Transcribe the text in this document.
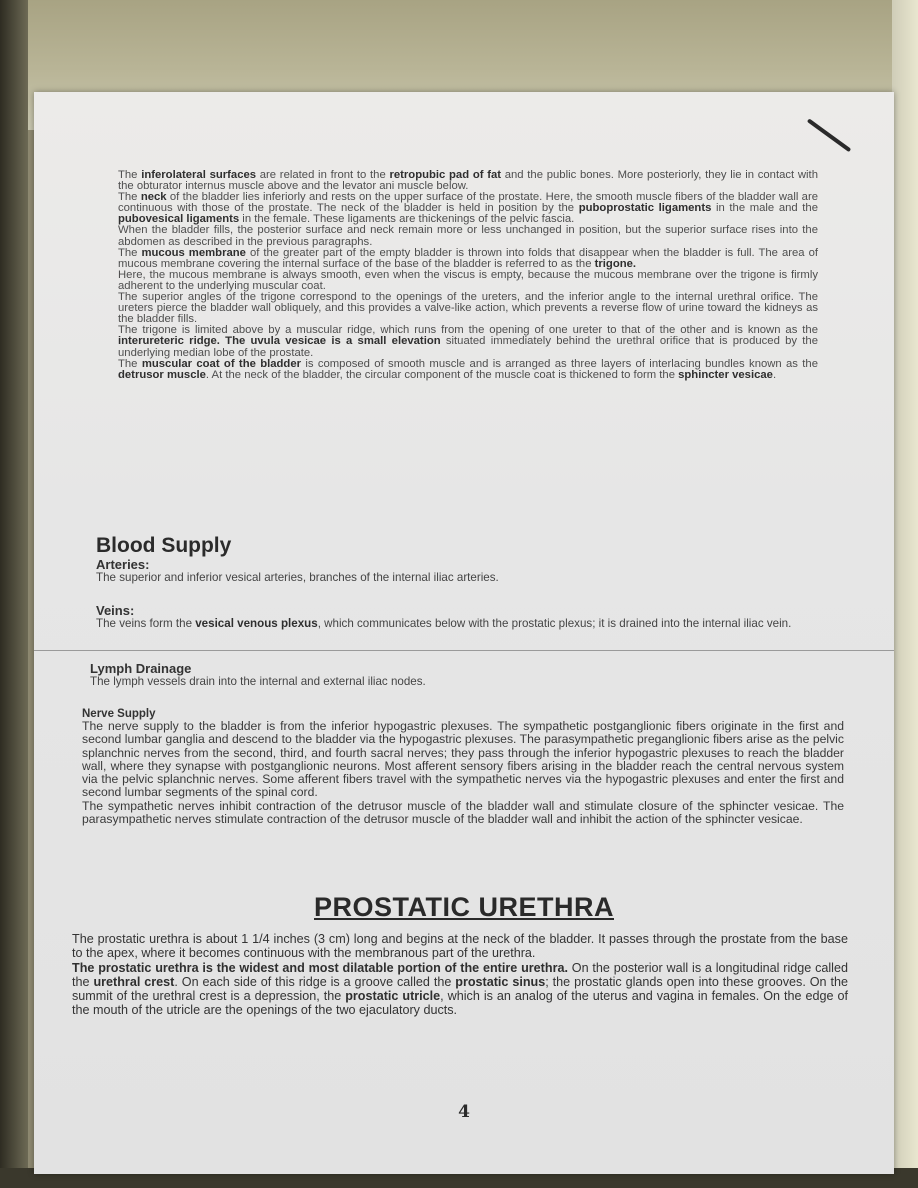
The inferolateral surfaces are related in front to the retropubic pad of fat and the public bones. More posteriorly, they lie in contact with the obturator internus muscle above and the levator ani muscle below.

The neck of the bladder lies inferiorly and rests on the upper surface of the prostate. Here, the smooth muscle fibers of the bladder wall are continuous with those of the prostate. The neck of the bladder is held in position by the puboprostatic ligaments in the male and the pubovesical ligaments in the female. These ligaments are thickenings of the pelvic fascia.

When the bladder fills, the posterior surface and neck remain more or less unchanged in position, but the superior surface rises into the abdomen as described in the previous paragraphs.

The mucous membrane of the greater part of the empty bladder is thrown into folds that disappear when the bladder is full. The area of mucous membrane covering the internal surface of the base of the bladder is referred to as the trigone.

Here, the mucous membrane is always smooth, even when the viscus is empty, because the mucous membrane over the trigone is firmly adherent to the underlying muscular coat.

The superior angles of the trigone correspond to the openings of the ureters, and the inferior angle to the internal urethral orifice. The ureters pierce the bladder wall obliquely, and this provides a valve-like action, which prevents a reverse flow of urine toward the kidneys as the bladder fills.

The trigone is limited above by a muscular ridge, which runs from the opening of one ureter to that of the other and is known as the interureteric ridge. The uvula vesicae is a small elevation situated immediately behind the urethral orifice that is produced by the underlying median lobe of the prostate.

The muscular coat of the bladder is composed of smooth muscle and is arranged as three layers of interlacing bundles known as the detrusor muscle. At the neck of the bladder, the circular component of the muscle coat is thickened to form the sphincter vesicae.

Blood Supply
Arteries:

The superior and inferior vesical arteries, branches of the internal iliac arteries.

Veins:

The veins form the vesical venous plexus, which communicates below with the prostatic plexus; it is drained into the internal iliac vein.

Lymph Drainage

The lymph vessels drain into the internal and external iliac nodes.

Nerve Supply

The nerve supply to the bladder is from the inferior hypogastric plexuses. The sympathetic postganglionic fibers originate in the first and second lumbar ganglia and descend to the bladder via the hypogastric plexuses. The parasympathetic preganglionic fibers arise as the pelvic splanchnic nerves from the second, third, and fourth sacral nerves; they pass through the inferior hypogastric plexuses to reach the bladder wall, where they synapse with postganglionic neurons. Most afferent sensory fibers arising in the bladder reach the central nervous system via the pelvic splanchnic nerves. Some afferent fibers travel with the sympathetic nerves via the hypogastric plexuses and enter the first and second lumbar segments of the spinal cord.

The sympathetic nerves inhibit contraction of the detrusor muscle of the bladder wall and stimulate closure of the sphincter vesicae. The parasympathetic nerves stimulate contraction of the detrusor muscle of the bladder wall and inhibit the action of the sphincter vesicae.

PROSTATIC URETHRA

The prostatic urethra is about 1 1/4 inches (3 cm) long and begins at the neck of the bladder. It passes through the prostate from the base to the apex, where it becomes continuous with the membranous part of the urethra.

The prostatic urethra is the widest and most dilatable portion of the entire urethra. On the posterior wall is a longitudinal ridge called the urethral crest. On each side of this ridge is a groove called the prostatic sinus; the prostatic glands open into these grooves. On the summit of the urethral crest is a depression, the prostatic utricle, which is an analog of the uterus and vagina in females. On the edge of the mouth of the utricle are the openings of the two ejaculatory ducts.

4
